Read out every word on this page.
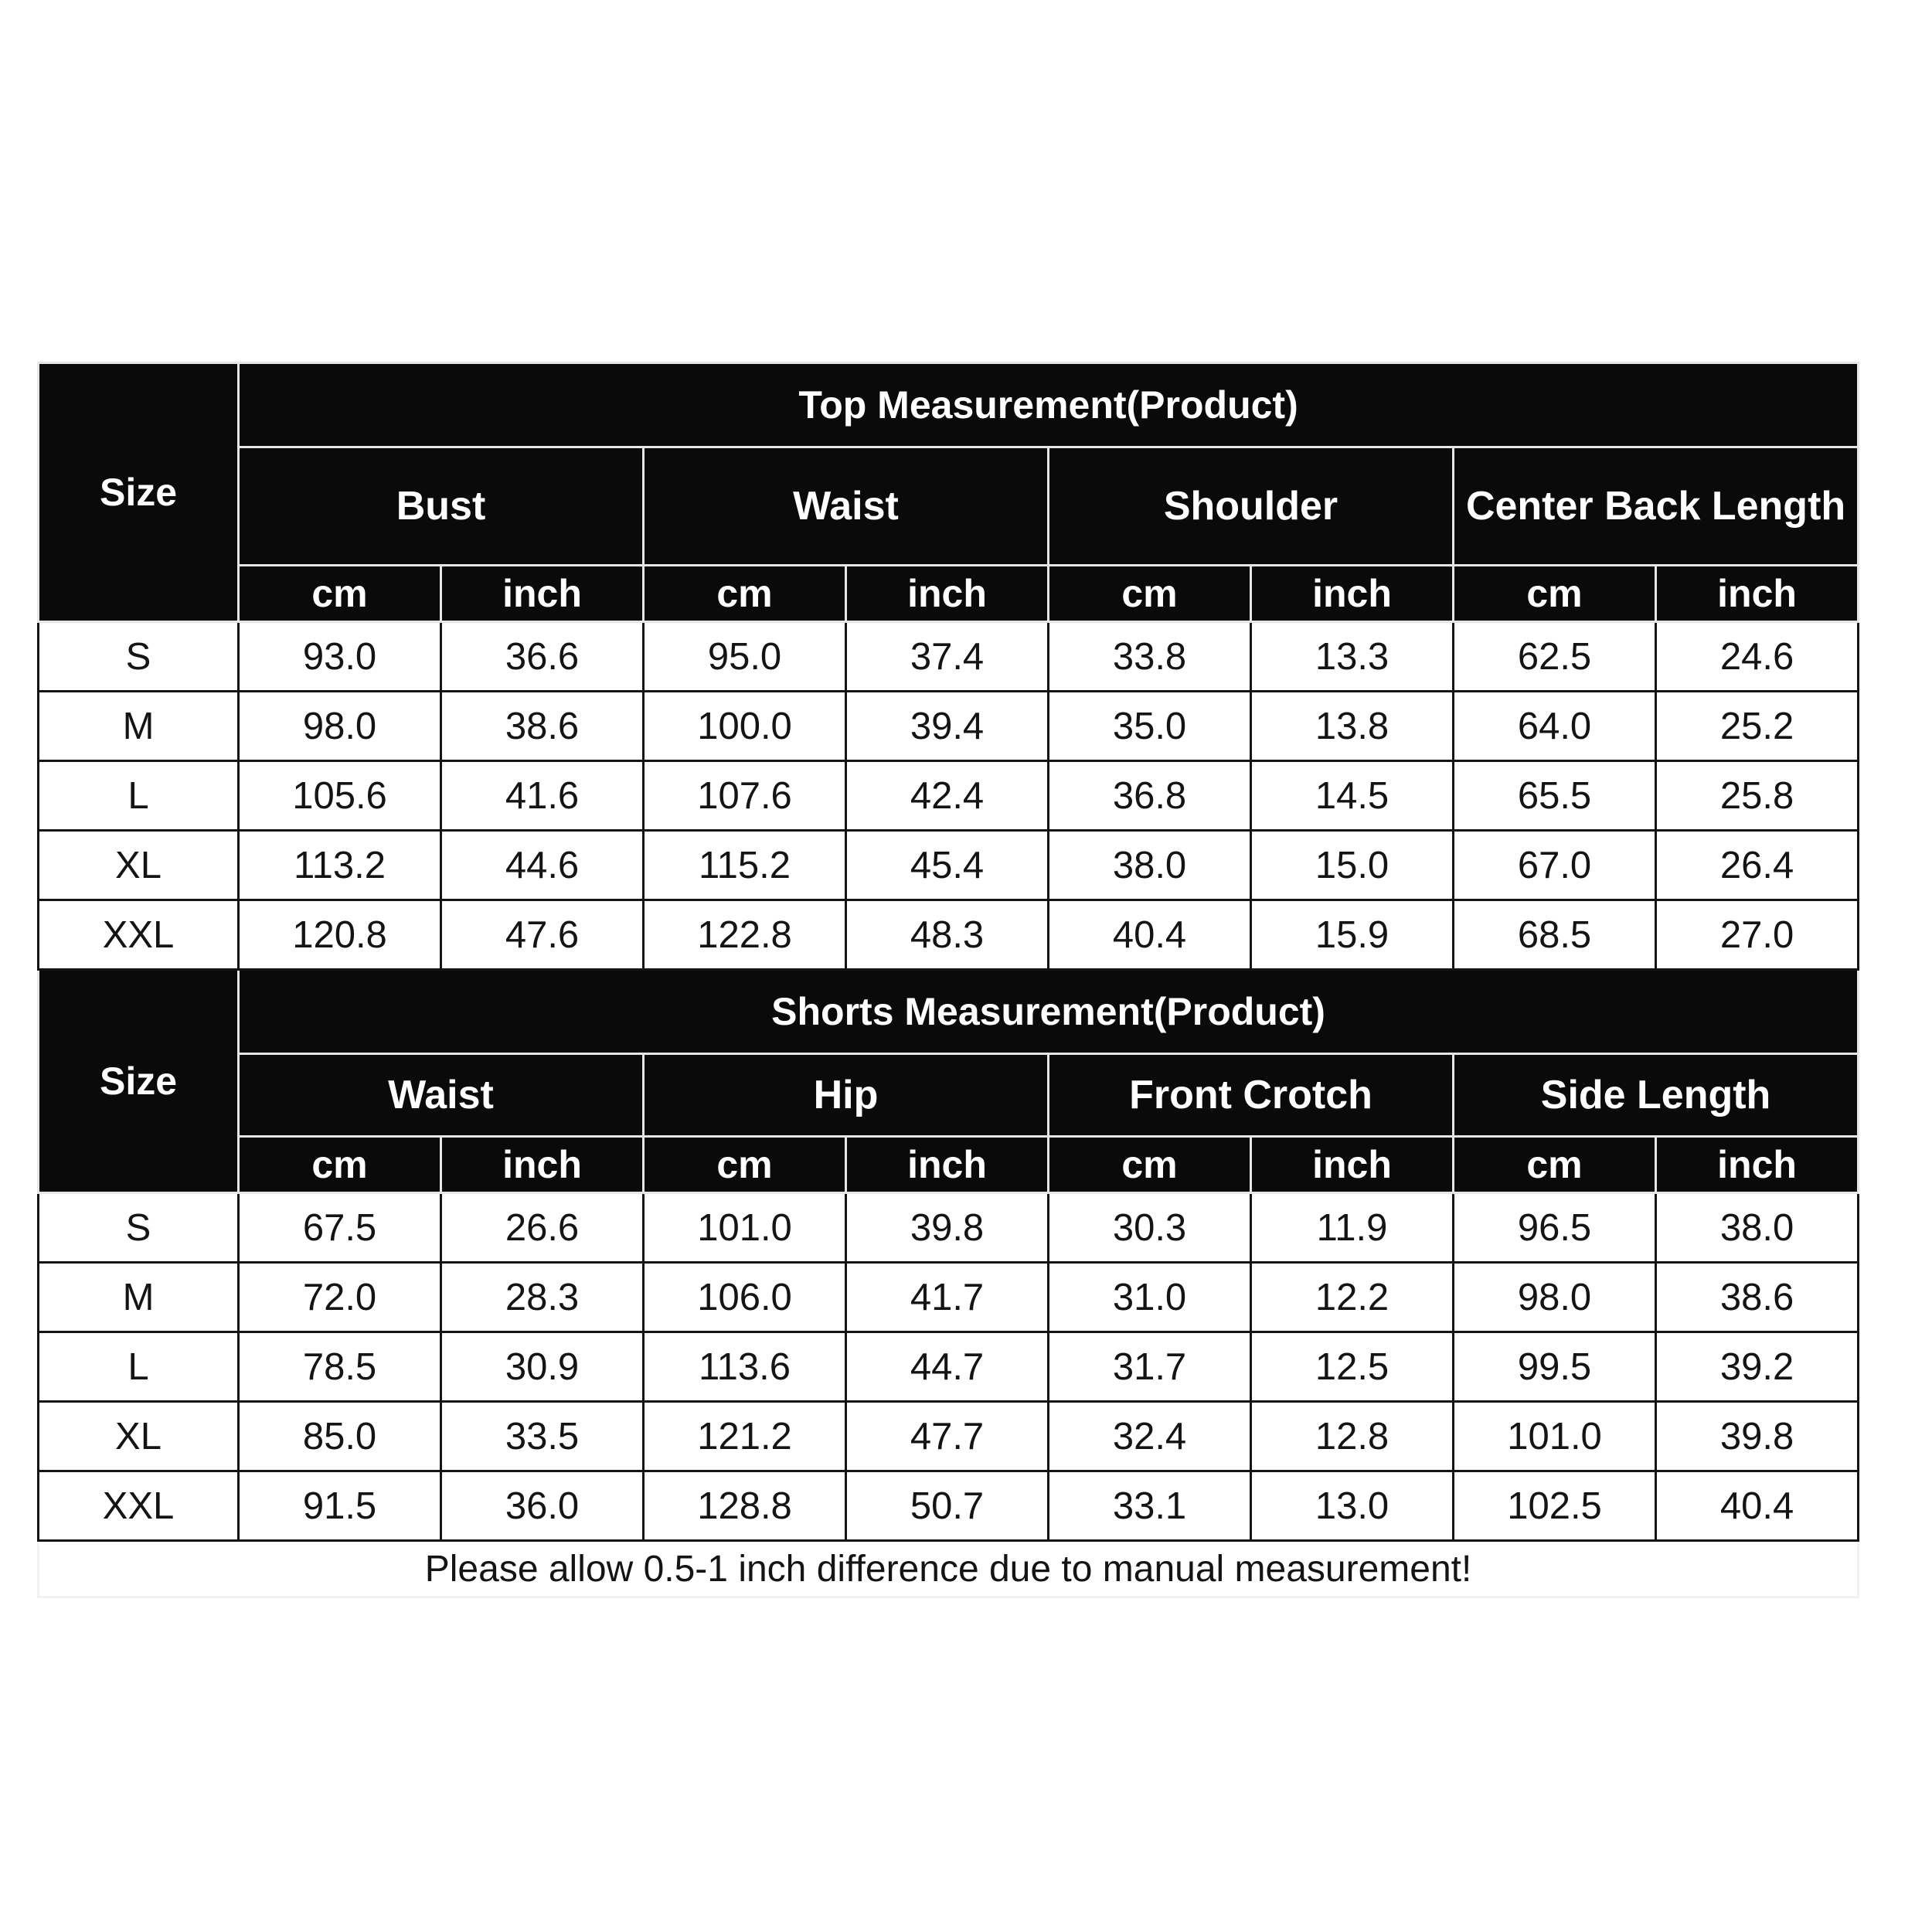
Size	Top Measurement(Product)							
	Bust		Waist		Shoulder		Center Back Length	
	cm	inch	cm	inch	cm	inch	cm	inch
S	93.0	36.6	95.0	37.4	33.8	13.3	62.5	24.6
M	98.0	38.6	100.0	39.4	35.0	13.8	64.0	25.2
L	105.6	41.6	107.6	42.4	36.8	14.5	65.5	25.8
XL	113.2	44.6	115.2	45.4	38.0	15.0	67.0	26.4
XXL	120.8	47.6	122.8	48.3	40.4	15.9	68.5	27.0
Size	Shorts Measurement(Product)							
	Waist		Hip		Front Crotch		Side Length	
	cm	inch	cm	inch	cm	inch	cm	inch
S	67.5	26.6	101.0	39.8	30.3	11.9	96.5	38.0
M	72.0	28.3	106.0	41.7	31.0	12.2	98.0	38.6
L	78.5	30.9	113.6	44.7	31.7	12.5	99.5	39.2
XL	85.0	33.5	121.2	47.7	32.4	12.8	101.0	39.8
XXL	91.5	36.0	128.8	50.7	33.1	13.0	102.5	40.4
Please allow 0.5-1 inch difference due to manual measurement!								
